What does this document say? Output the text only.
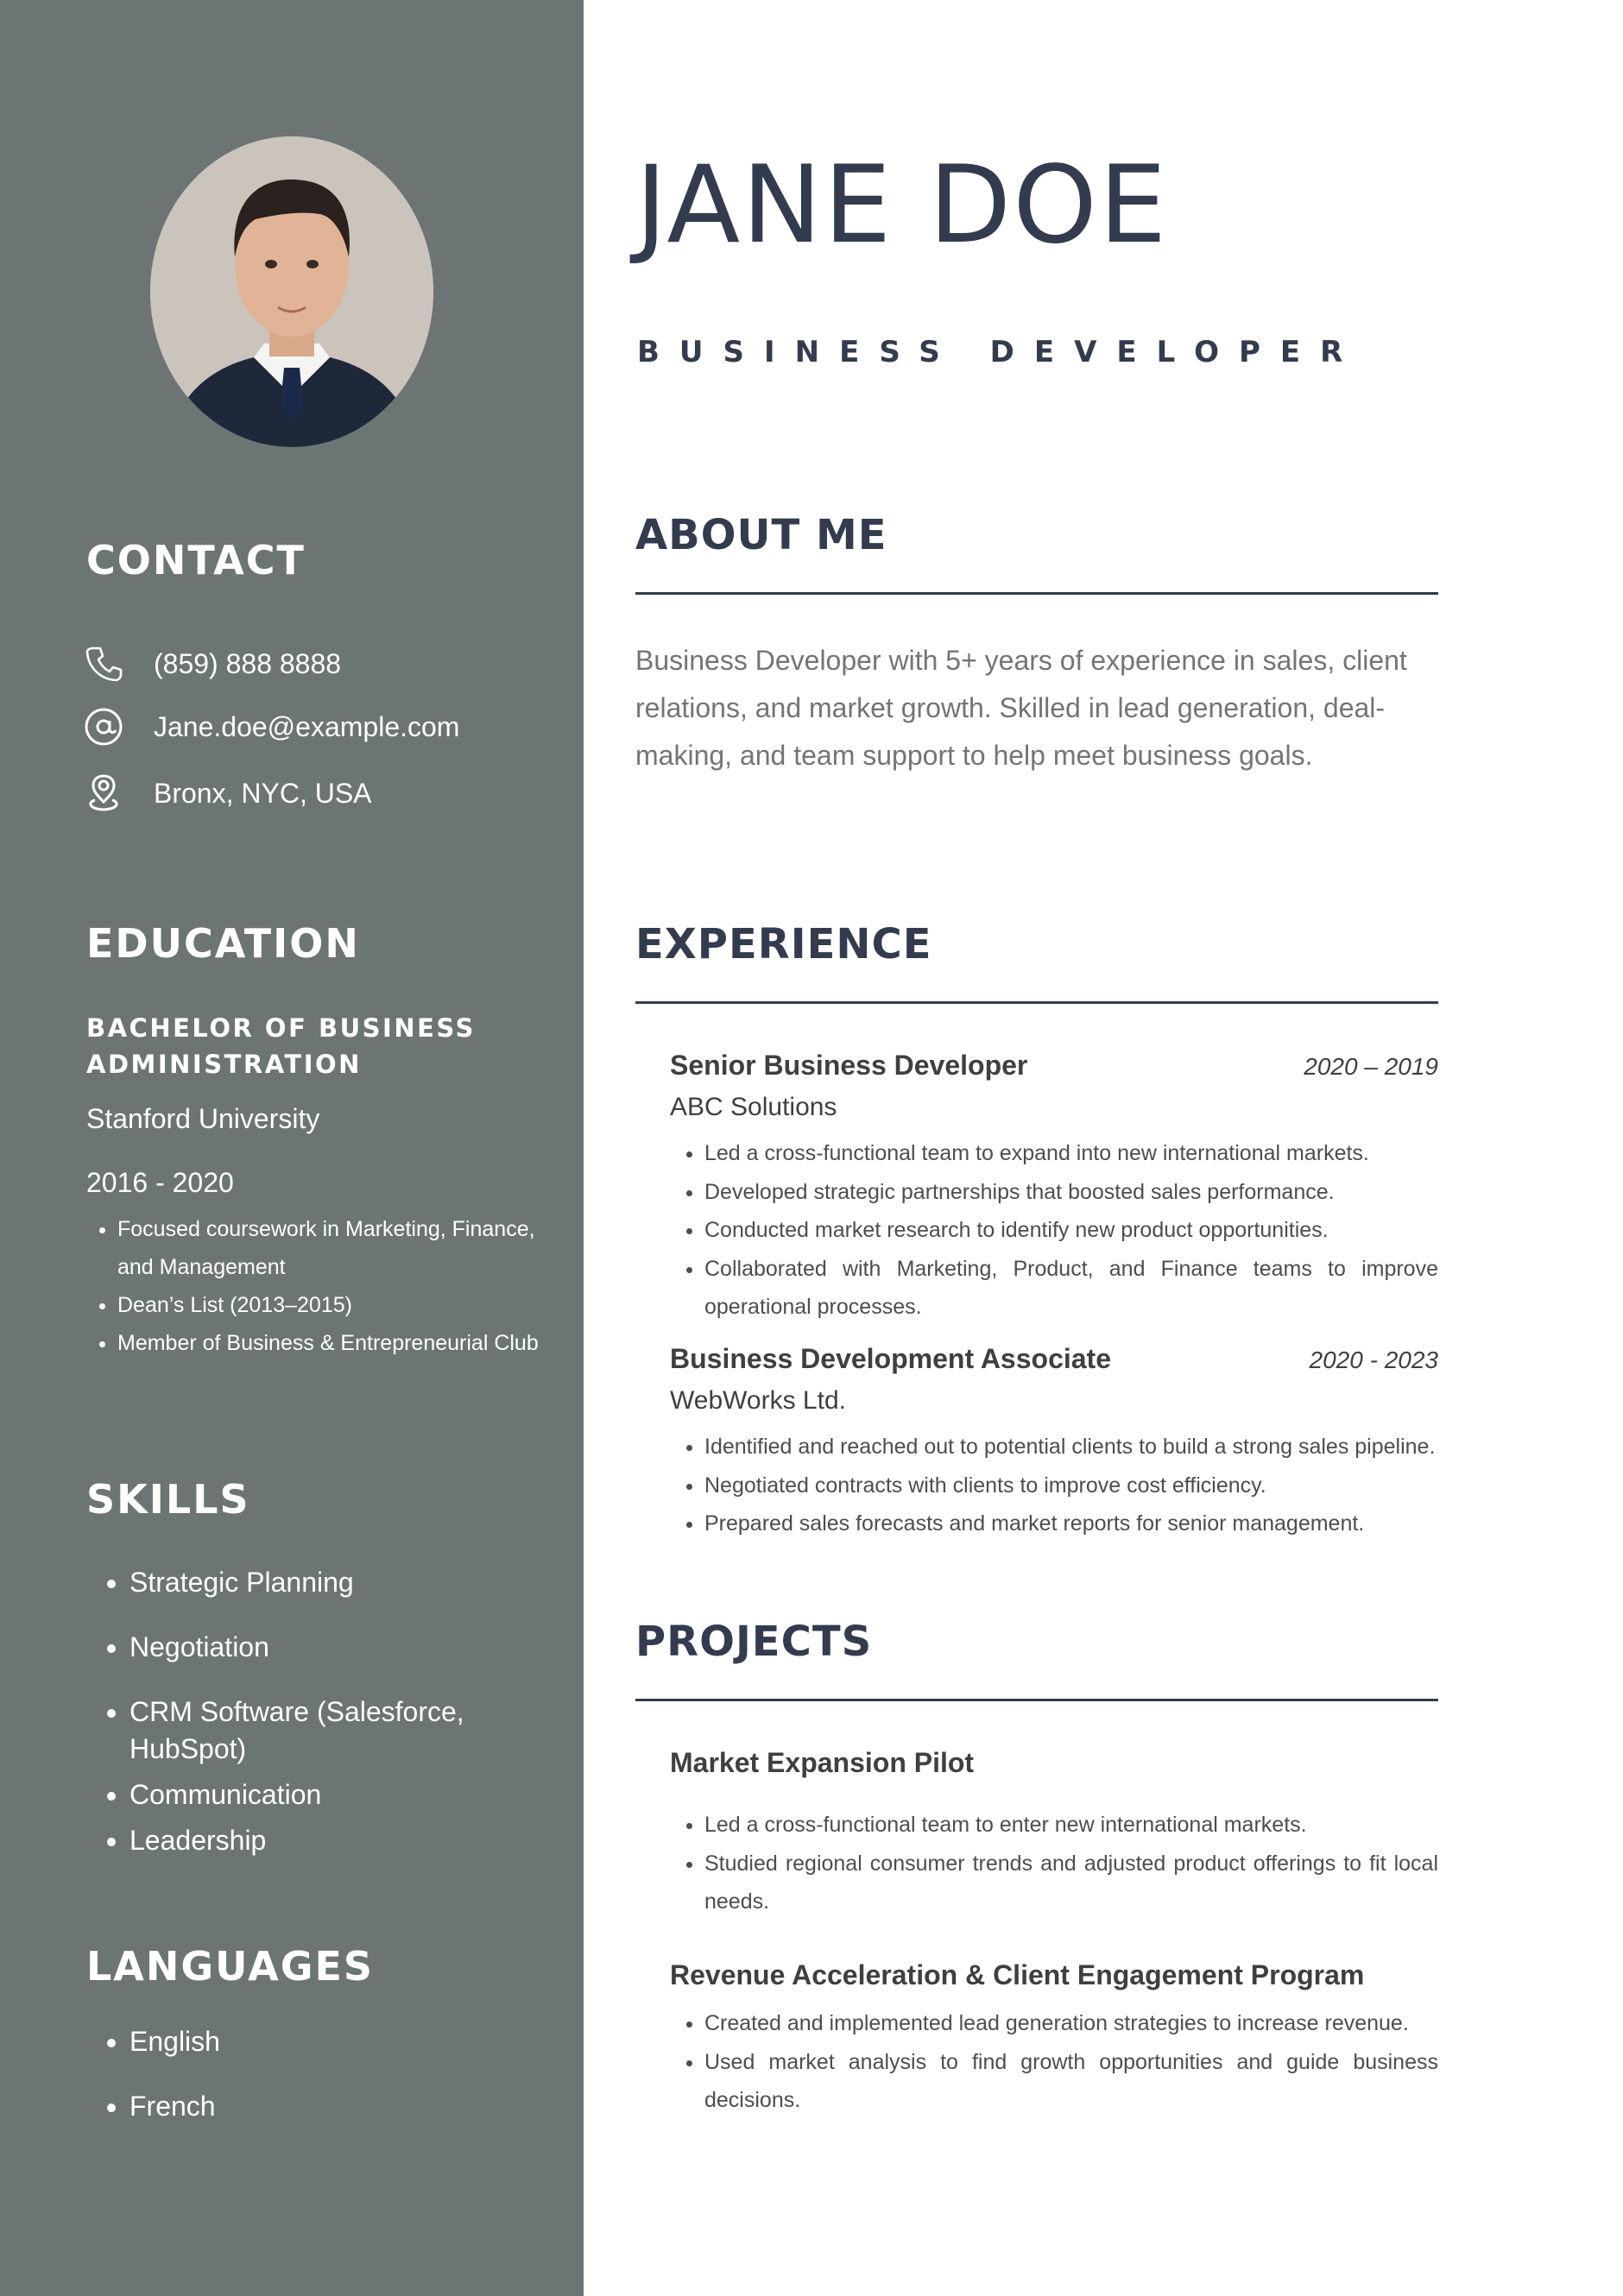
CONTACT
(859) 888 8888
Jane.doe@example.com
Bronx, NYC, USA
EDUCATION
BACHELOR OF BUSINESS ADMINISTRATION
Stanford University
2016 - 2020
• Focused coursework in Marketing, Finance, and Management
• Dean’s List (2013–2015)
• Member of Business & Entrepreneurial Club
SKILLS
• Strategic Planning
• Negotiation
• CRM Software (Salesforce, HubSpot)
• Communication
• Leadership
LANGUAGES
• English
• French
JANE DOE
BUSINESS DEVELOPER
ABOUT ME

Business Developer with 5+ years of experience in sales, client relations, and market growth. Skilled in lead generation, deal-making, and team support to help meet business goals.

EXPERIENCE
Senior Business Developer	2020 – 2019
ABC Solutions
• Led a cross-functional team to expand into new international markets.
• Developed strategic partnerships that boosted sales performance.
• Conducted market research to identify new product opportunities.
• Collaborated with Marketing, Product, and Finance teams to improve operational processes.
Business Development Associate	2020 - 2023
WebWorks Ltd.
• Identified and reached out to potential clients to build a strong sales pipeline.
• Negotiated contracts with clients to improve cost efficiency.
• Prepared sales forecasts and market reports for senior management.
PROJECTS
Market Expansion Pilot
• Led a cross-functional team to enter new international markets.
• Studied regional consumer trends and adjusted product offerings to fit local needs.
Revenue Acceleration & Client Engagement Program
• Created and implemented lead generation strategies to increase revenue.
• Used market analysis to find growth opportunities and guide business decisions.
